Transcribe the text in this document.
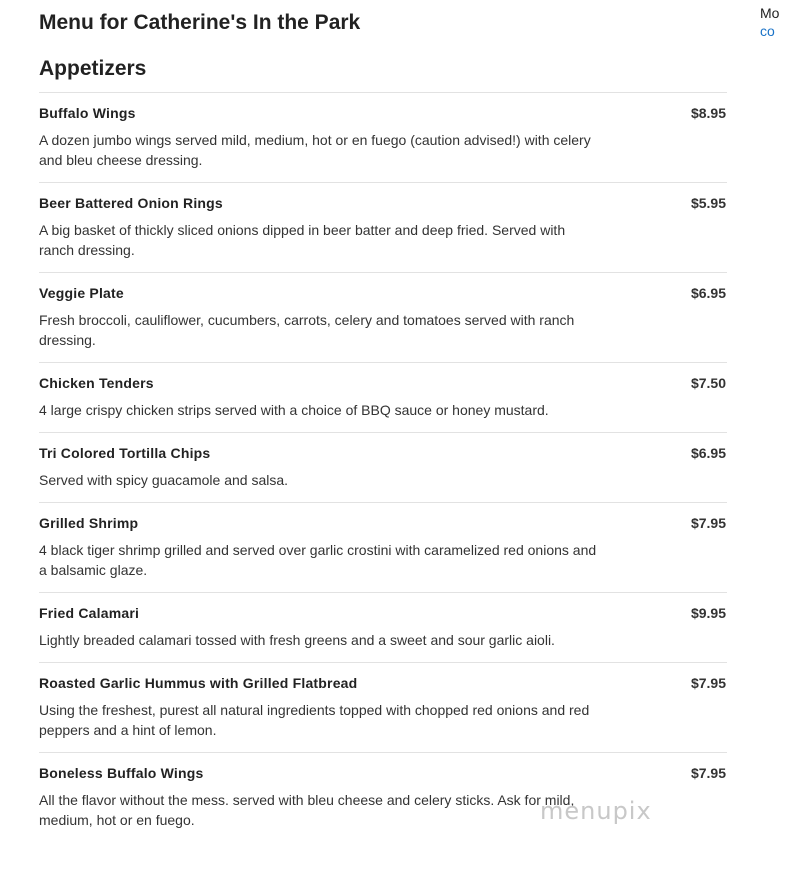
Menu for Catherine's In the Park
Appetizers
Buffalo Wings	$8.95
A dozen jumbo wings served mild, medium, hot or en fuego (caution advised!) with celery and bleu cheese dressing.
Beer Battered Onion Rings	$5.95
A big basket of thickly sliced onions dipped in beer batter and deep fried. Served with ranch dressing.
Veggie Plate	$6.95
Fresh broccoli, cauliflower, cucumbers, carrots, celery and tomatoes served with ranch dressing.
Chicken Tenders	$7.50
4 large crispy chicken strips served with a choice of BBQ sauce or honey mustard.
Tri Colored Tortilla Chips	$6.95
Served with spicy guacamole and salsa.
Grilled Shrimp	$7.95
4 black tiger shrimp grilled and served over garlic crostini with caramelized red onions and a balsamic glaze.
Fried Calamari	$9.95
Lightly breaded calamari tossed with fresh greens and a sweet and sour garlic aioli.
Roasted Garlic Hummus with Grilled Flatbread	$7.95
Using the freshest, purest all natural ingredients topped with chopped red onions and red peppers and a hint of lemon.
Boneless Buffalo Wings	$7.95
All the flavor without the mess. served with bleu cheese and celery sticks. Ask for mild, medium, hot or en fuego.	menupix
Mo
co
